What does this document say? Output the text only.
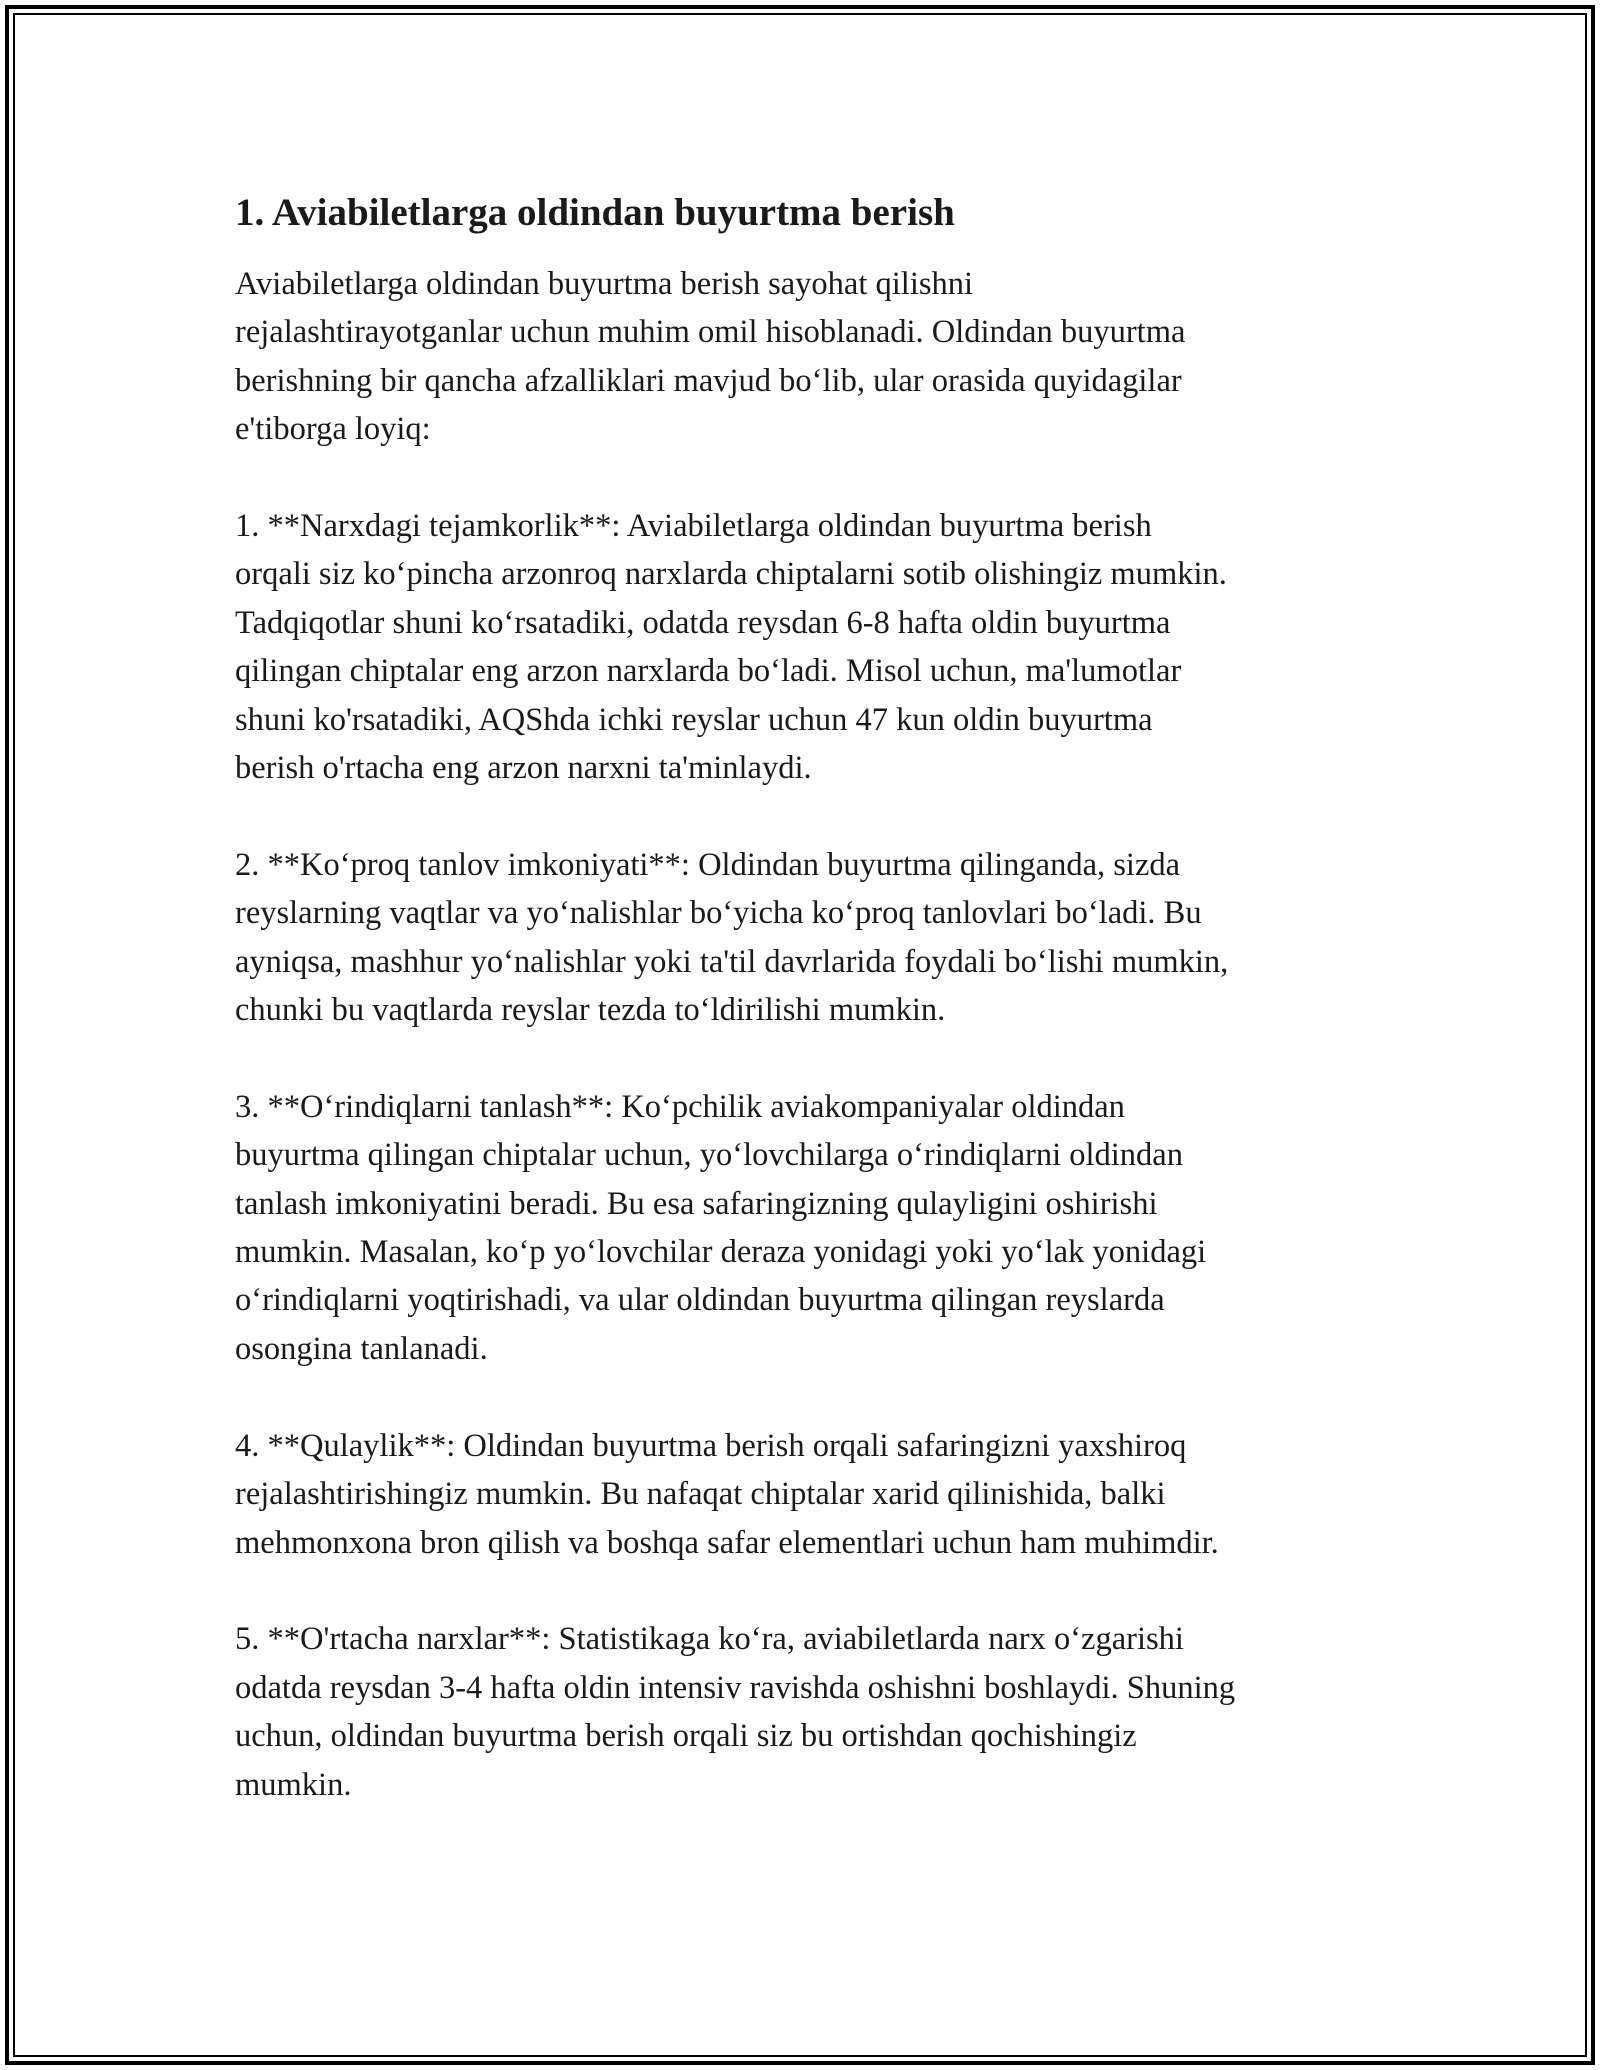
1. Aviabiletlarga oldindan buyurtma berish

Aviabiletlarga oldindan buyurtma berish sayohat qilishni
rejalashtirayotganlar uchun muhim omil hisoblanadi. Oldindan buyurtma
berishning bir qancha afzalliklari mavjud bo‘lib, ular orasida quyidagilar
e'tiborga loyiq:

1. **Narxdagi tejamkorlik**: Aviabiletlarga oldindan buyurtma berish
orqali siz ko‘pincha arzonroq narxlarda chiptalarni sotib olishingiz mumkin.
Tadqiqotlar shuni ko‘rsatadiki, odatda reysdan 6-8 hafta oldin buyurtma
qilingan chiptalar eng arzon narxlarda bo‘ladi. Misol uchun, ma'lumotlar
shuni ko'rsatadiki, AQShda ichki reyslar uchun 47 kun oldin buyurtma
berish o'rtacha eng arzon narxni ta'minlaydi.

2. **Ko‘proq tanlov imkoniyati**: Oldindan buyurtma qilinganda, sizda
reyslarning vaqtlar va yo‘nalishlar bo‘yicha ko‘proq tanlovlari bo‘ladi. Bu
ayniqsa, mashhur yo‘nalishlar yoki ta'til davrlarida foydali bo‘lishi mumkin,
chunki bu vaqtlarda reyslar tezda to‘ldirilishi mumkin.

3. **O‘rindiqlarni tanlash**: Ko‘pchilik aviakompaniyalar oldindan
buyurtma qilingan chiptalar uchun, yo‘lovchilarga o‘rindiqlarni oldindan
tanlash imkoniyatini beradi. Bu esa safaringizning qulayligini oshirishi
mumkin. Masalan, ko‘p yo‘lovchilar deraza yonidagi yoki yo‘lak yonidagi
o‘rindiqlarni yoqtirishadi, va ular oldindan buyurtma qilingan reyslarda
osongina tanlanadi.

4. **Qulaylik**: Oldindan buyurtma berish orqali safaringizni yaxshiroq
rejalashtirishingiz mumkin. Bu nafaqat chiptalar xarid qilinishida, balki
mehmonxona bron qilish va boshqa safar elementlari uchun ham muhimdir.

5. **O'rtacha narxlar**: Statistikaga ko‘ra, aviabiletlarda narx o‘zgarishi
odatda reysdan 3-4 hafta oldin intensiv ravishda oshishni boshlaydi. Shuning
uchun, oldindan buyurtma berish orqali siz bu ortishdan qochishingiz
mumkin.
